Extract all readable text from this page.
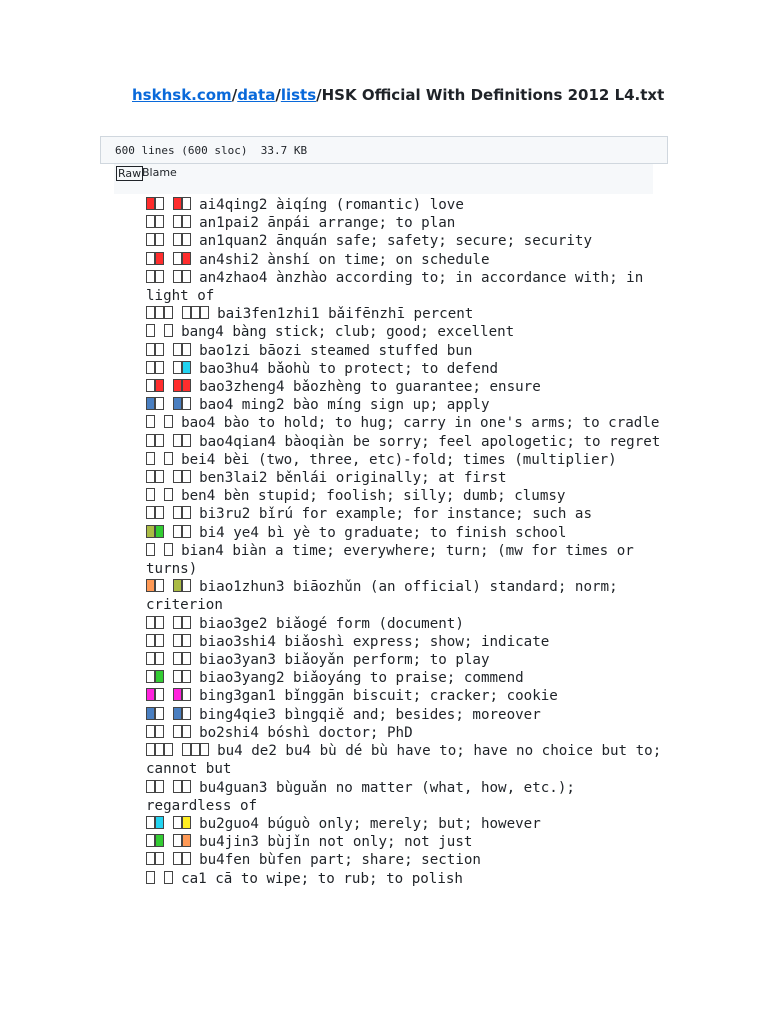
hskhsk.com/data/lists/HSK Official With Definitions 2012 L4.txt
600 lines (600 sloc) 33.7 KB
Raw Blame
ai4qing2 àiqíng (romantic) love
an1pai2 ānpái arrange; to plan
an1quan2 ānquán safe; safety; secure; security
an4shi2 ànshí on time; on schedule
an4zhao4 ànzhào according to; in accordance with; in light of
bai3fen1zhi1 bǎifēnzhī percent
bang4 bàng stick; club; good; excellent
bao1zi bāozi steamed stuffed bun
bao3hu4 bǎohù to protect; to defend
bao3zheng4 bǎozhèng to guarantee; ensure
bao4 ming2 bào míng sign up; apply
bao4 bào to hold; to hug; carry in one's arms; to cradle
bao4qian4 bàoqiàn be sorry; feel apologetic; to regret
bei4 bèi (two, three, etc)-fold; times (multiplier)
ben3lai2 běnlái originally; at first
ben4 bèn stupid; foolish; silly; dumb; clumsy
bi3ru2 bǐrú for example; for instance; such as
bi4 ye4 bì yè to graduate; to finish school
bian4 biàn a time; everywhere; turn; (mw for times or turns)
biao1zhun3 biāozhǔn (an official) standard; norm; criterion
biao3ge2 biǎogé form (document)
biao3shi4 biǎoshì express; show; indicate
biao3yan3 biǎoyǎn perform; to play
biao3yang2 biǎoyáng to praise; commend
bing3gan1 bǐnggān biscuit; cracker; cookie
bing4qie3 bìngqiě and; besides; moreover
bo2shi4 bóshì doctor; PhD
bu4 de2 bu4 bù dé bù have to; have no choice but to; cannot but
bu4guan3 bùguǎn no matter (what, how, etc.); regardless of
bu2guo4 búguò only; merely; but; however
bu4jin3 bùjǐn not only; not just
bu4fen bùfen part; share; section
ca1 cā to wipe; to rub; to polish
